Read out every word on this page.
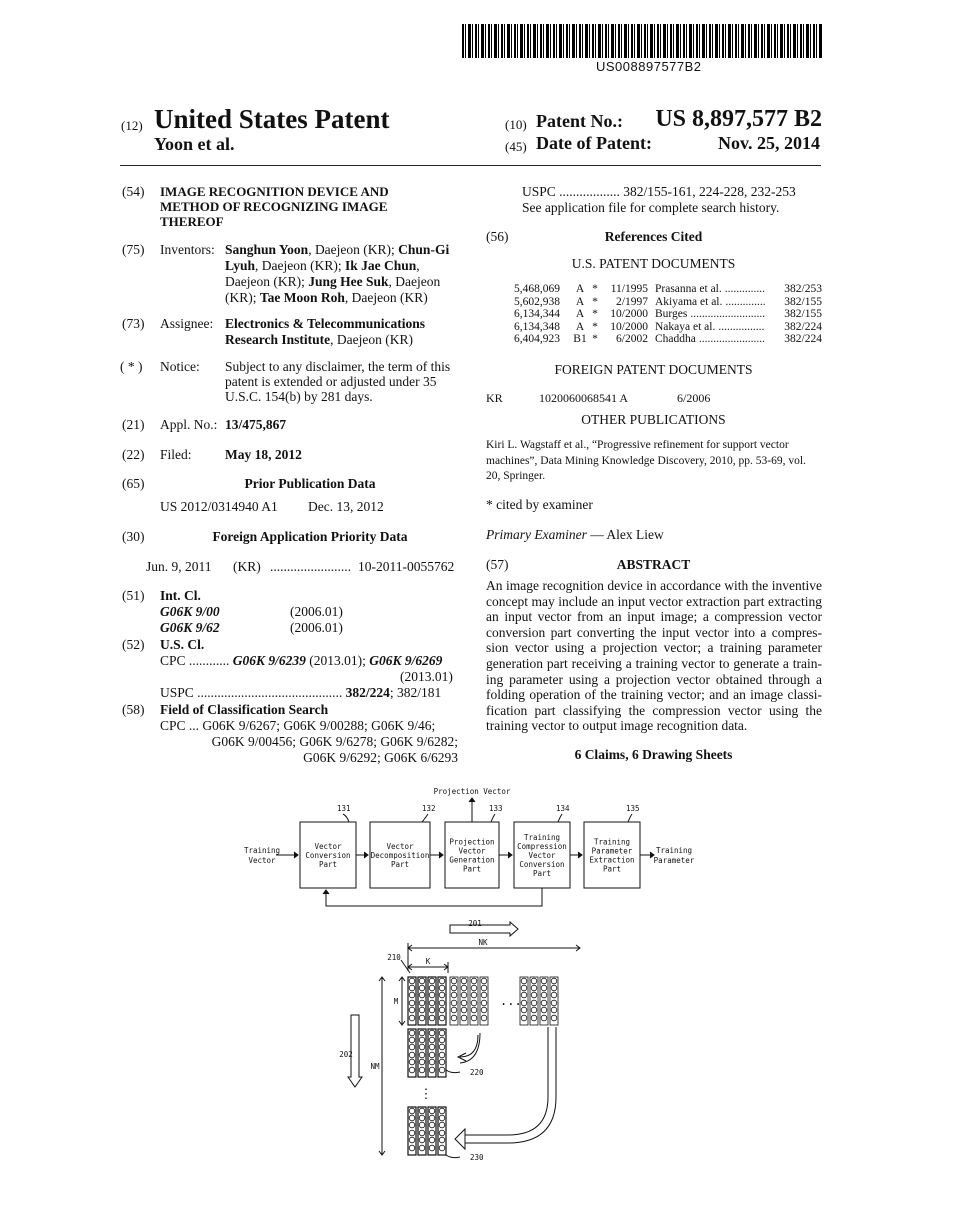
US008897577B2
(12) United States Patent
Yoon et al.
(10) Patent No.:	US 8,897,577 B2
(45) Date of Patent:	Nov. 25, 2014
(54) IMAGE RECOGNITION DEVICE AND
METHOD OF RECOGNIZING IMAGE
THEREOF
(75) Inventors: Sanghun Yoon, Daejeon (KR); Chun-Gi
Lyuh, Daejeon (KR); Ik Jae Chun,
Daejeon (KR); Jung Hee Suk, Daejeon
(KR); Tae Moon Roh, Daejeon (KR)
(73) Assignee: Electronics & Telecommunications
Research Institute, Daejeon (KR)
( * ) Notice: Subject to any disclaimer, the term of this
patent is extended or adjusted under 35
U.S.C. 154(b) by 281 days.
(21) Appl. No.: 13/475,867
(22) Filed: May 18, 2012
(65)	Prior Publication Data
US 2012/0314940 A1 Dec. 13, 2012
(30)	Foreign Application Priority Data
Jun. 9, 2011 (KR) ........................ 10-2011-0055762
(51) Int. Cl.
G06K 9/00	(2006.01)
G06K 9/62	(2006.01)
(52) U.S. Cl.
CPC ............ G06K 9/6239 (2013.01); G06K 9/6269
(2013.01)
USPC ........................................... 382/224; 382/181
(58) Field of Classification Search
CPC ... G06K 9/6267; G06K 9/00288; G06K 9/46;
G06K 9/00456; G06K 9/6278; G06K 9/6282;
G06K 9/6292; G06K 6/6293
USPC .................. 382/155-161, 224-228, 232-253
See application file for complete search history.
(56)	References Cited
U.S. PATENT DOCUMENTS
5,468,069	A *	11/1995 Prasanna et al. ..............	382/253
5,602,938	A *	2/1997 Akiyama et al. ..............	382/155
6,134,344	A *	10/2000 Burges ..........................	382/155
6,134,348	A *	10/2000 Nakaya et al. ................	382/224
6,404,923	B1 *	6/2002 Chaddha .......................	382/224
FOREIGN PATENT DOCUMENTS
KR	1020060068541 A	6/2006
OTHER PUBLICATIONS
Kiri L. Wagstaff et al., “Progressive refinement for support vector
machines”, Data Mining Knowledge Discovery, 2010, pp. 53-69, vol.
20, Springer.
* cited by examiner
Primary Examiner — Alex Liew
(57)	ABSTRACT
An image recognition device in accordance with the inventive
concept may include an input vector extraction part extracting
an input vector from an input image; a compression vector
conversion part converting the input vector into a compres-
sion vector using a projection vector; a training parameter
generation part receiving a training vector to generate a train-
ing parameter using a projection vector obtained through a
folding operation of the training vector; and an image classi-
fication part classifying the compression vector using the
training vector to output image recognition data.
6 Claims, 6 Drawing Sheets
Projection Vector
Training
Vector
Training
Parameter
131
Vector
Conversion
Part
132
Vector
Decomposition
Part
133
Projection
Vector
Generation
Part
134
Training
Compression
Vector
Conversion
Part
135
Training
Parameter
Extraction
Part
201
NK
K
210
M
NM
202
220
230
...
⋮
